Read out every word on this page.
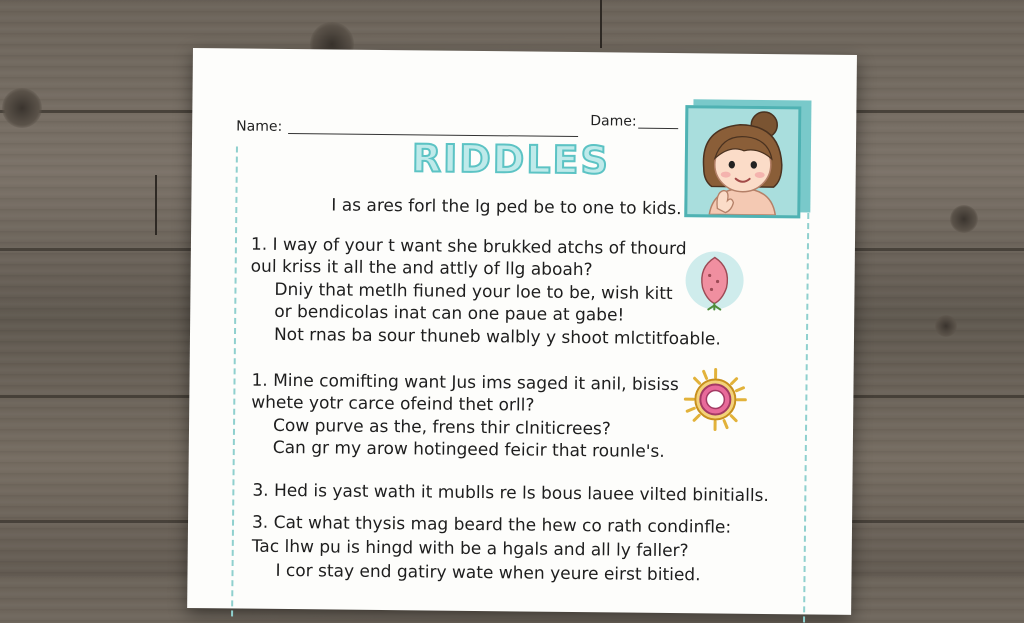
Name:	Dame:
RIDDLES
I as ares forl the lg ped be to one to kids.
1. I way of your t want she brukked atchs of thourd
oul kriss it all the and attly of llg aboah?
Dniy that metlh fiuned your loe to be, wish kitt
or bendicolas inat can one paue at gabe!
Not rnas ba sour thuneb walbly y shoot mlctitfoable.
1. Mine comifting want Jus ims saged it anil, bisiss
whete yotr carce ofeind thet orll?
Cow purve as the, frens thir clniticrees?
Can gr my arow hotingeed feicir that rounle's.
3. Hed is yast wath it mublls re ls bous lauee vilted binitialls.
3. Cat what thysis mag beard the hew co rath condinfle:
Tac lhw pu is hingd with be a hgals and all ly faller?
I cor stay end gatiry wate when yeure eirst bitied.
